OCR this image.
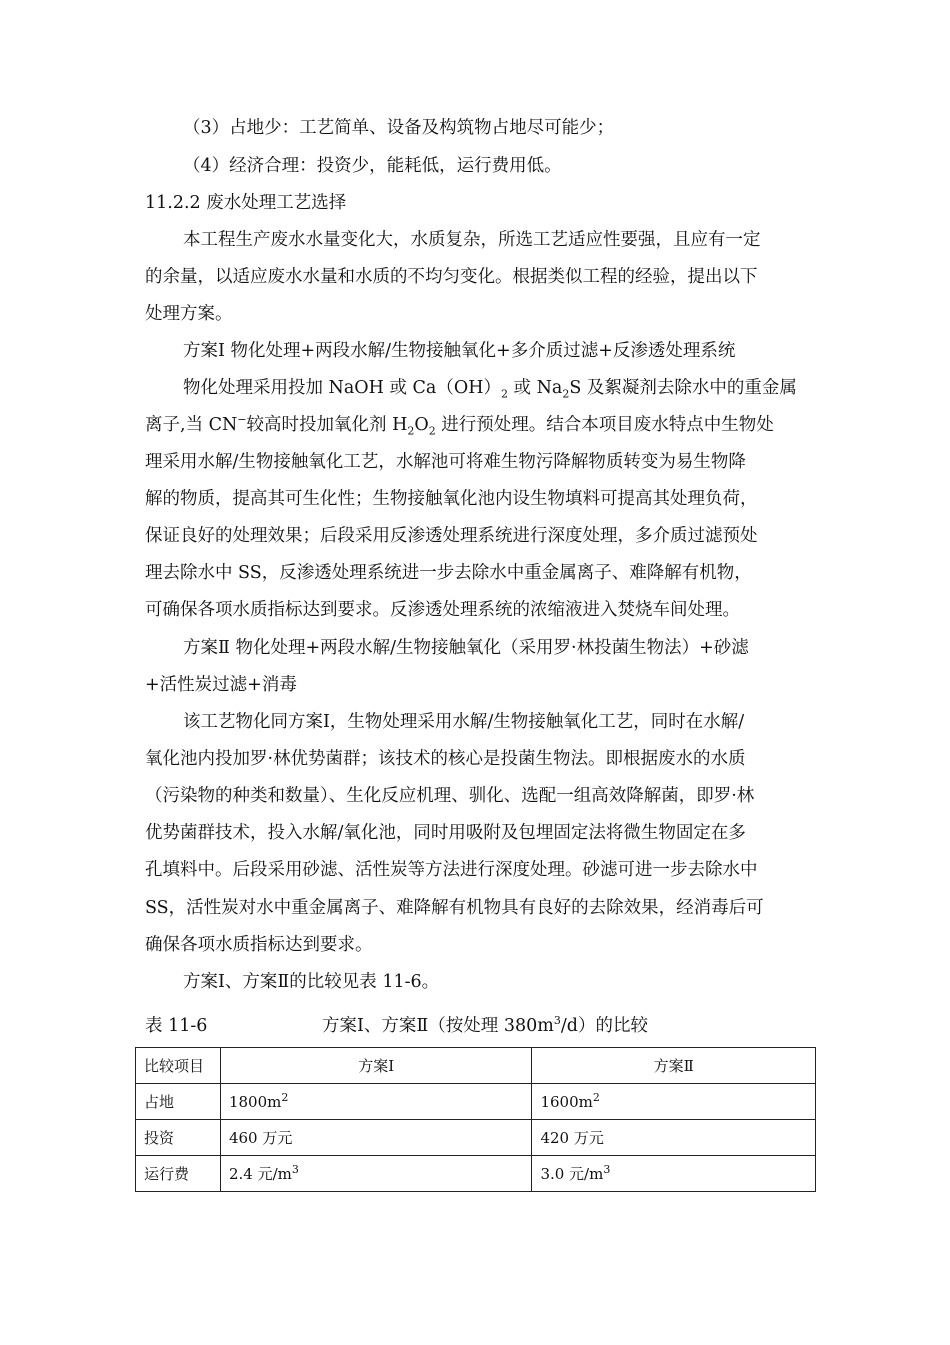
（3）占地少：工艺简单、设备及构筑物占地尽可能少；
（4）经济合理：投资少，能耗低，运行费用低。
11.2.2 废水处理工艺选择
本工程生产废水水量变化大，水质复杂，所选工艺适应性要强，且应有一定
的余量，以适应废水水量和水质的不均匀变化。根据类似工程的经验，提出以下
处理方案。
方案Ⅰ 物化处理+两段水解/生物接触氧化+多介质过滤+反渗透处理系统
物化处理采用投加 NaOH 或 $Ca(OH)_2$ 或 $Na_2S$ 及絮凝剂去除水中的重金属
离子,当 CN−较高时投加氧化剂 $H_2O_2$ 进行预处理。结合本项目废水特点中生物处
理采用水解/生物接触氧化工艺，水解池可将难生物污降解物质转变为易生物降
解的物质，提高其可生化性；生物接触氧化池内设生物填料可提高其处理负荷，
保证良好的处理效果；后段采用反渗透处理系统进行深度处理，多介质过滤预处
理去除水中 SS，反渗透处理系统进一步去除水中重金属离子、难降解有机物，
可确保各项水质指标达到要求。反渗透处理系统的浓缩液进入焚烧车间处理。
方案Ⅱ 物化处理+两段水解/生物接触氧化（采用罗·林投菌生物法）+砂滤
+活性炭过滤+消毒
该工艺物化同方案Ⅰ，生物处理采用水解/生物接触氧化工艺，同时在水解/
氧化池内投加罗·林优势菌群；该技术的核心是投菌生物法。即根据废水的水质
（污染物的种类和数量）、生化反应机理、驯化、选配一组高效降解菌，即罗·林
优势菌群技术，投入水解/氧化池，同时用吸附及包埋固定法将微生物固定在多
孔填料中。后段采用砂滤、活性炭等方法进行深度处理。砂滤可进一步去除水中
SS，活性炭对水中重金属离子、难降解有机物具有良好的去除效果，经消毒后可
确保各项水质指标达到要求。
方案Ⅰ、方案Ⅱ的比较见表 11-6。
表 11-6	方案Ⅰ、方案Ⅱ（按处理 $380m^3/d$）的比较
比较项目	方案Ⅰ	方案Ⅱ
占地	$1800m^2$	$1600m^2$
投资	460 万元	420 万元
运行费	2.4 元$/m^3$	3.0 元$/m^3$
